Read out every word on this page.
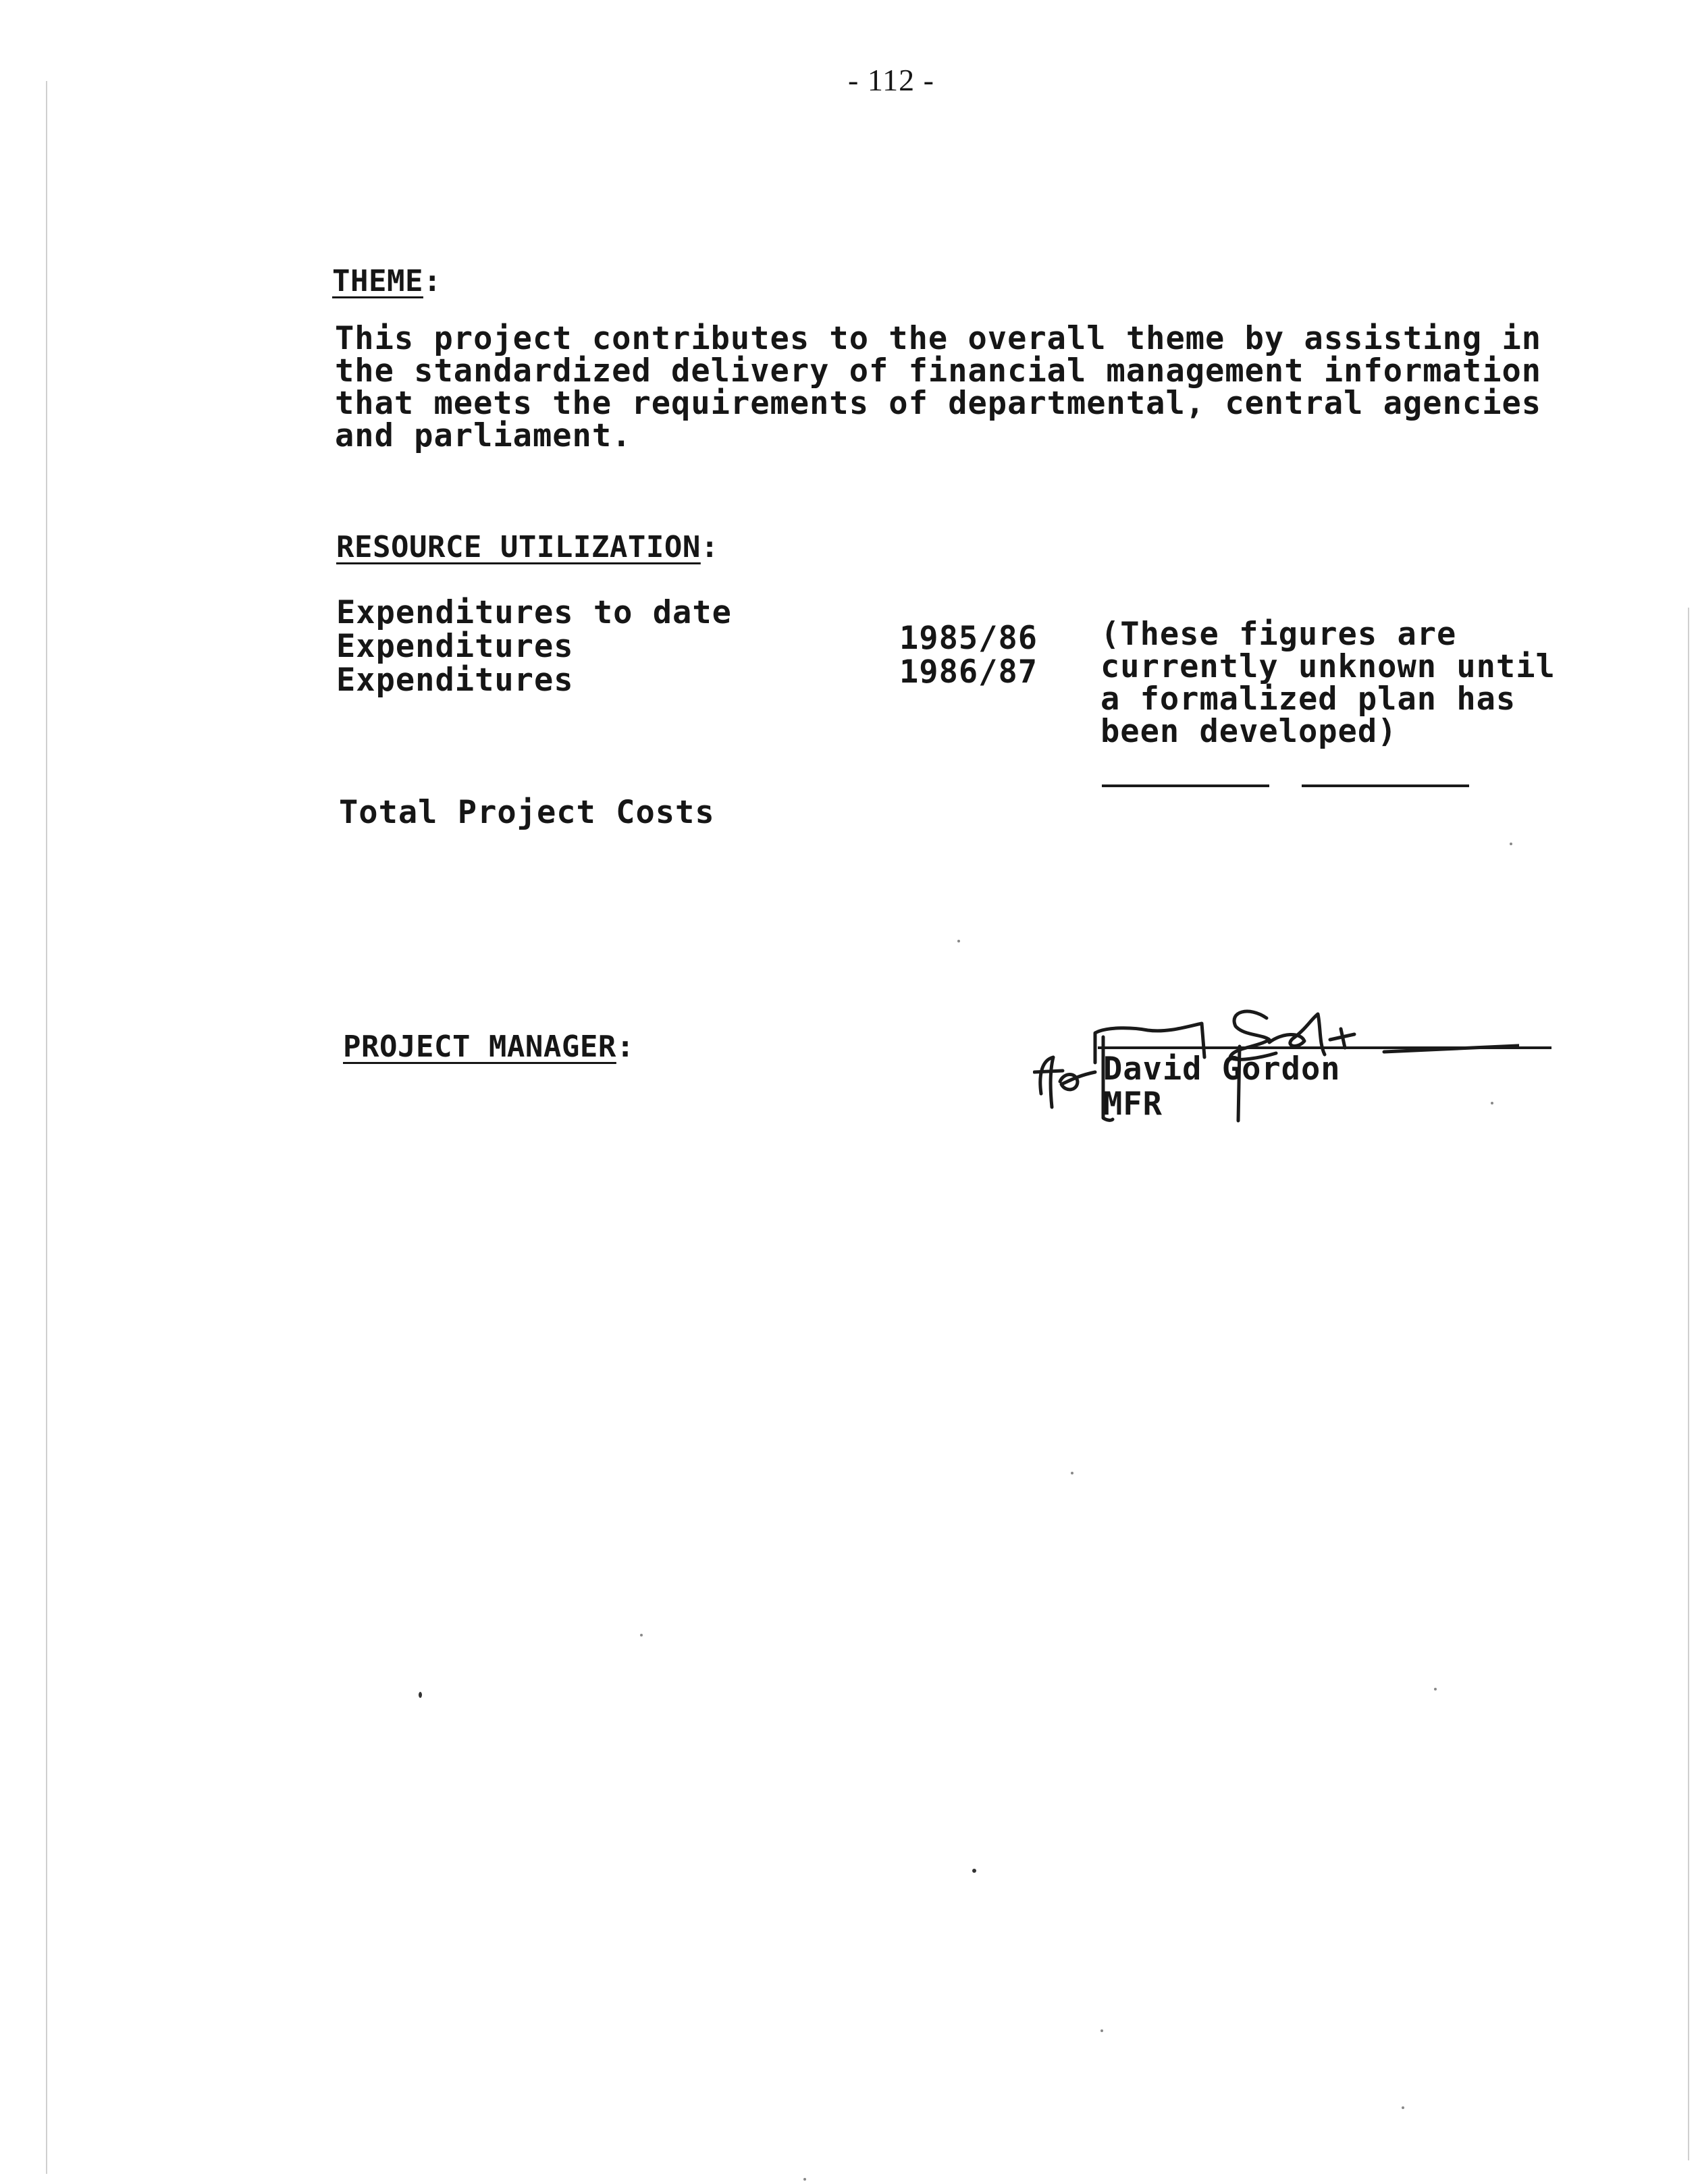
- 112 -
THEME:
This project contributes to the overall theme by assisting in
the standardized delivery of financial management information
that meets the requirements of departmental, central agencies
and parliament.
RESOURCE UTILIZATION:
Expenditures to date
Expenditures
Expenditures
1985/86
1986/87
(These figures are
currently unknown until
a formalized plan has
been developed)
Total Project Costs
PROJECT MANAGER:
David Gordon
MFR
